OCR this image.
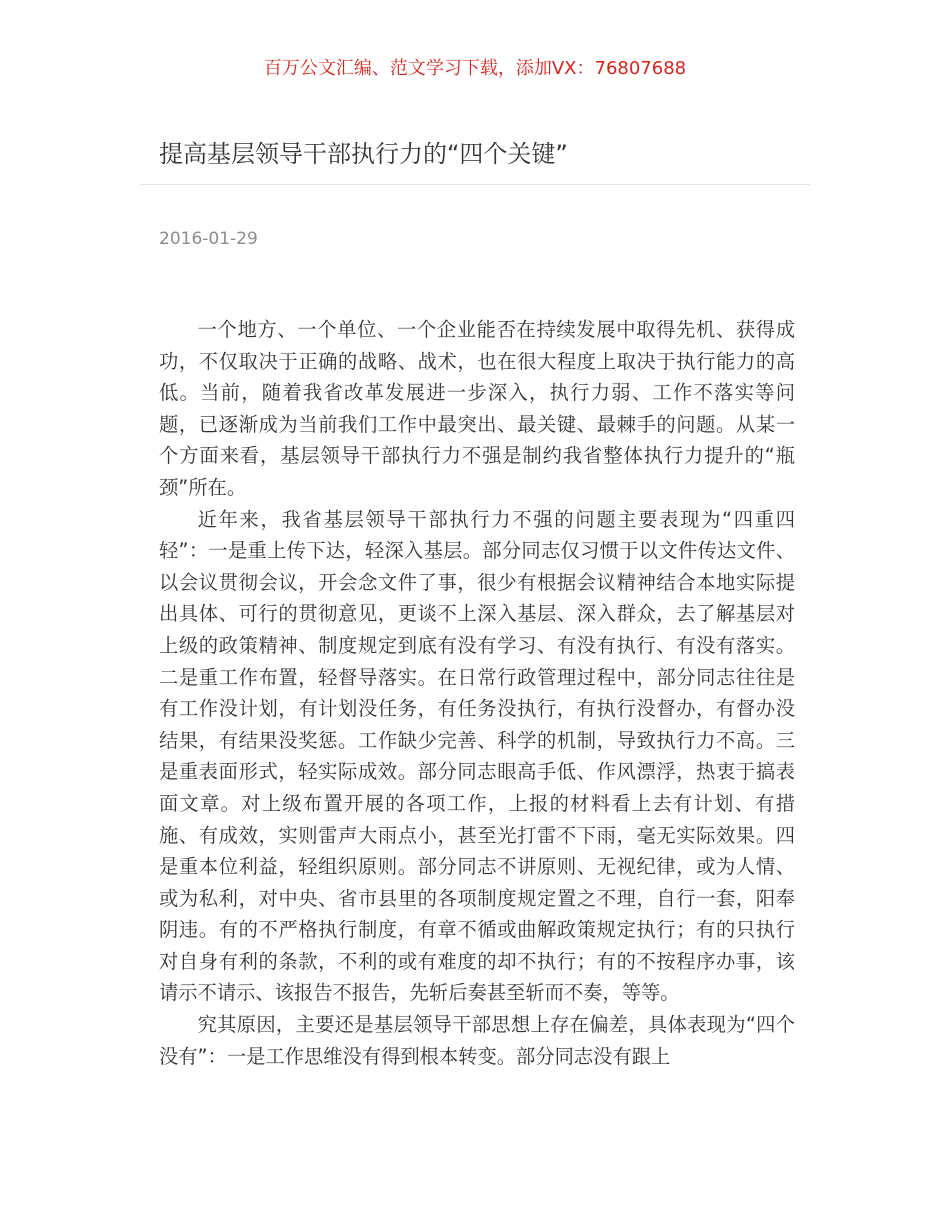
百万公文汇编、范文学习下载，添加VX：76807688
提高基层领导干部执行力的“四个关键”
2016-01-29

一个地方、一个单位、一个企业能否在持续发展中取得先机、获得成功，不仅取决于正确的战略、战术，也在很大程度上取决于执行能力的高低。当前，随着我省改革发展进一步深入，执行力弱、工作不落实等问题，已逐渐成为当前我们工作中最突出、最关键、最棘手的问题。从某一个方面来看，基层领导干部执行力不强是制约我省整体执行力提升的“瓶颈”所在。

近年来，我省基层领导干部执行力不强的问题主要表现为“四重四轻”：一是重上传下达，轻深入基层。部分同志仅习惯于以文件传达文件、以会议贯彻会议，开会念文件了事，很少有根据会议精神结合本地实际提出具体、可行的贯彻意见，更谈不上深入基层、深入群众，去了解基层对上级的政策精神、制度规定到底有没有学习、有没有执行、有没有落实。二是重工作布置，轻督导落实。在日常行政管理过程中，部分同志往往是有工作没计划，有计划没任务，有任务没执行，有执行没督办，有督办没结果，有结果没奖惩。工作缺少完善、科学的机制，导致执行力不高。三是重表面形式，轻实际成效。部分同志眼高手低、作风漂浮，热衷于搞表面文章。对上级布置开展的各项工作，上报的材料看上去有计划、有措施、有成效，实则雷声大雨点小，甚至光打雷不下雨，毫无实际效果。四是重本位利益，轻组织原则。部分同志不讲原则、无视纪律，或为人情、或为私利，对中央、省市县里的各项制度规定置之不理，自行一套，阳奉阴违。有的不严格执行制度，有章不循或曲解政策规定执行；有的只执行对自身有利的条款，不利的或有难度的却不执行；有的不按程序办事，该请示不请示、该报告不报告，先斩后奏甚至斩而不奏，等等。

究其原因，主要还是基层领导干部思想上存在偏差，具体表现为“四个没有”：一是工作思维没有得到根本转变。部分同志没有跟上
